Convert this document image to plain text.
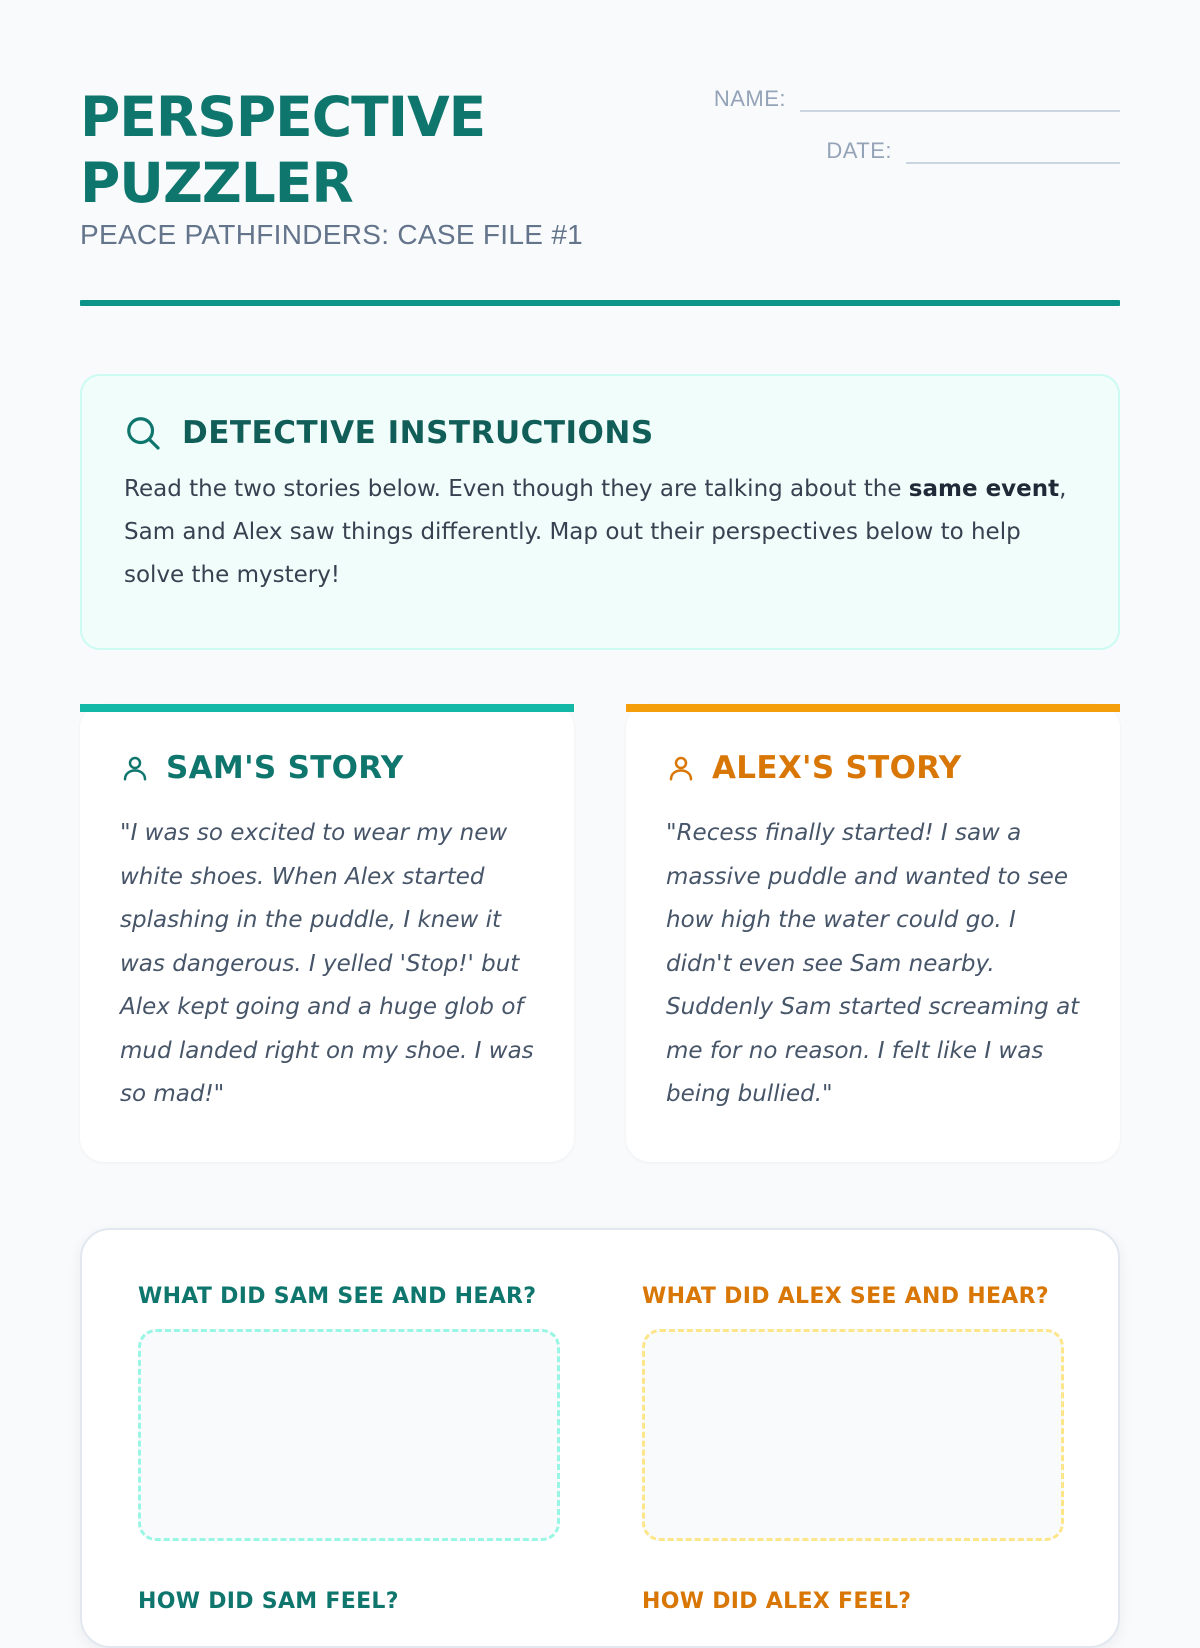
PERSPECTIVE
PUZZLER
PEACE PATHFINDERS: CASE FILE #1
NAME:
DATE:
DETECTIVE INSTRUCTIONS

Read the two stories below. Even though they are talking about the same event, Sam and Alex saw things differently. Map out their perspectives below to help solve the mystery!

SAM'S STORY

"I was so excited to wear my new white shoes. When Alex started splashing in the puddle, I knew it was dangerous. I yelled 'Stop!' but Alex kept going and a huge glob of mud landed right on my shoe. I was so mad!"

ALEX'S STORY

"Recess finally started! I saw a massive puddle and wanted to see how high the water could go. I didn't even see Sam nearby. Suddenly Sam started screaming at me for no reason. I felt like I was being bullied."

WHAT DID SAM SEE AND HEAR?	WHAT DID ALEX SEE AND HEAR?
HOW DID SAM FEEL?	HOW DID ALEX FEEL?
